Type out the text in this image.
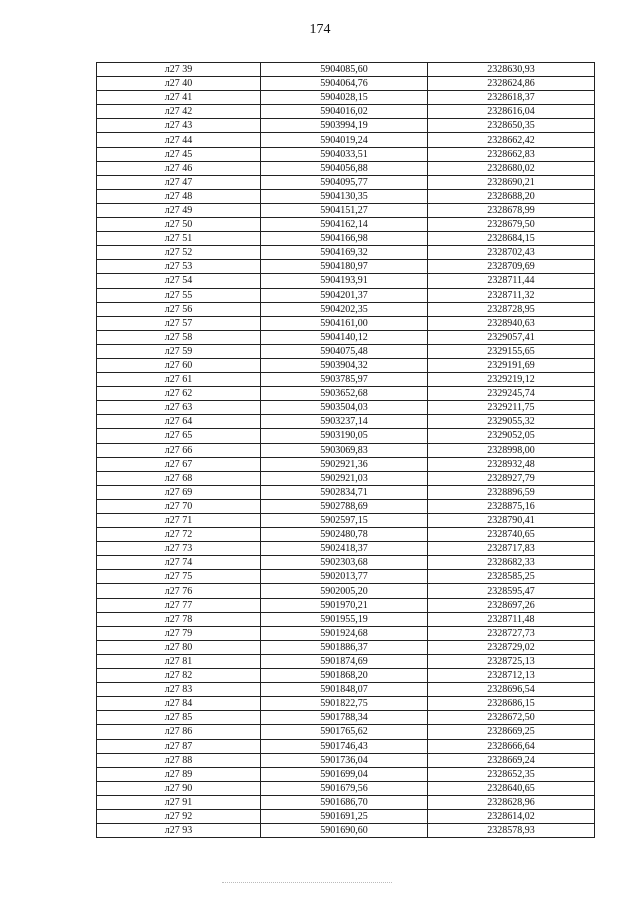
174
л27 39	5904085,60	2328630,93
л27 40	5904064,76	2328624,86
л27 41	5904028,15	2328618,37
л27 42	5904016,02	2328616,04
л27 43	5903994,19	2328650,35
л27 44	5904019,24	2328662,42
л27 45	5904033,51	2328662,83
л27 46	5904056,88	2328680,02
л27 47	5904095,77	2328690,21
л27 48	5904130,35	2328688,20
л27 49	5904151,27	2328678,99
л27 50	5904162,14	2328679,50
л27 51	5904166,98	2328684,15
л27 52	5904169,32	2328702,43
л27 53	5904180,97	2328709,69
л27 54	5904193,91	2328711,44
л27 55	5904201,37	2328711,32
л27 56	5904202,35	2328728,95
л27 57	5904161,00	2328940,63
л27 58	5904140,12	2329057,41
л27 59	5904075,48	2329155,65
л27 60	5903904,32	2329191,69
л27 61	5903785,97	2329219,12
л27 62	5903652,68	2329245,74
л27 63	5903504,03	2329211,75
л27 64	5903237,14	2329055,32
л27 65	5903190,05	2329052,05
л27 66	5903069,83	2328998,00
л27 67	5902921,36	2328932,48
л27 68	5902921,03	2328927,79
л27 69	5902834,71	2328896,59
л27 70	5902788,69	2328875,16
л27 71	5902597,15	2328790,41
л27 72	5902480,78	2328740,65
л27 73	5902418,37	2328717,83
л27 74	5902303,68	2328682,33
л27 75	5902013,77	2328585,25
л27 76	5902005,20	2328595,47
л27 77	5901970,21	2328697,26
л27 78	5901955,19	2328711,48
л27 79	5901924,68	2328727,73
л27 80	5901886,37	2328729,02
л27 81	5901874,69	2328725,13
л27 82	5901868,20	2328712,13
л27 83	5901848,07	2328696,54
л27 84	5901822,75	2328686,15
л27 85	5901788,34	2328672,50
л27 86	5901765,62	2328669,25
л27 87	5901746,43	2328666,64
л27 88	5901736,04	2328669,24
л27 89	5901699,04	2328652,35
л27 90	5901679,56	2328640,65
л27 91	5901686,70	2328628,96
л27 92	5901691,25	2328614,02
л27 93	5901690,60	2328578,93
